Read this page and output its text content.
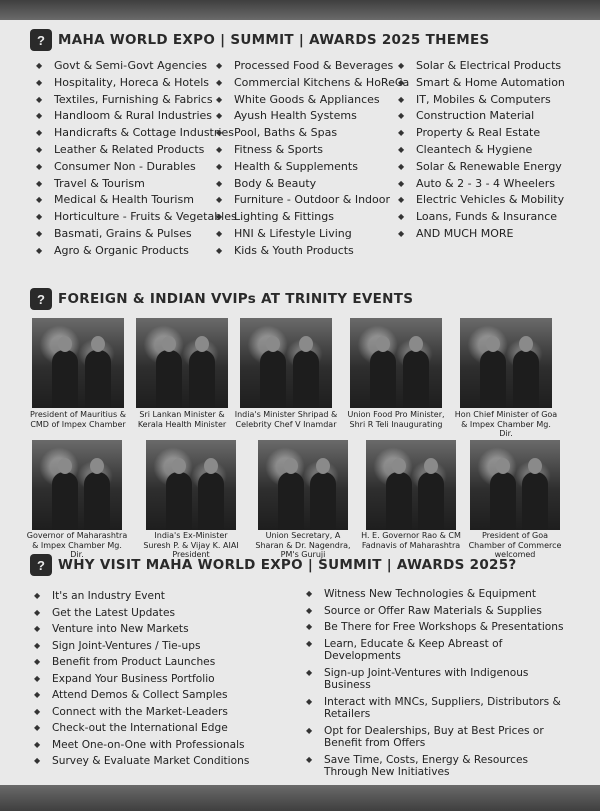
? MAHA WORLD EXPO | SUMMIT | AWARDS 2025 THEMES
◆ Govt & Semi-Govt Agencies
◆ Hospitality, Horeca & Hotels
◆ Textiles, Furnishing & Fabrics
◆ Handloom & Rural Industries
◆ Handicrafts & Cottage Industries
◆ Leather & Related Products
◆ Consumer Non - Durables
◆ Travel & Tourism
◆ Medical & Health Tourism
◆ Horticulture - Fruits & Vegetables
◆ Basmati, Grains & Pulses
◆ Agro & Organic Products
◆ Processed Food & Beverages
◆ Commercial Kitchens & HoReCa
◆ White Goods & Appliances
◆ Ayush Health Systems
◆ Pool, Baths & Spas
◆ Fitness & Sports
◆ Health & Supplements
◆ Body & Beauty
◆ Furniture - Outdoor & Indoor
◆ Lighting & Fittings
◆ HNI & Lifestyle Living
◆ Kids & Youth Products
◆ Solar & Electrical Products
◆ Smart & Home Automation
◆ IT, Mobiles & Computers
◆ Construction Material
◆ Property & Real Estate
◆ Cleantech & Hygiene
◆ Solar & Renewable Energy
◆ Auto & 2 - 3 - 4 Wheelers
◆ Electric Vehicles & Mobility
◆ Loans, Funds & Insurance
◆ AND MUCH MORE
? FOREIGN & INDIAN VVIPs AT TRINITY EVENTS
President of Mauritius & CMD of Impex Chamber
Sri Lankan Minister & Kerala Health Minister
India's Minister Shripad & Celebrity Chef V Inamdar
Union Food Pro Minister, Shri R Teli Inaugurating
Hon Chief Minister of Goa & Impex Chamber Mg. Dir.
Governor of Maharashtra & Impex Chamber Mg. Dir.
India's Ex-Minister Suresh P. & Vijay K. AIAI President
Union Secretary, A Sharan & Dr. Nagendra, PM's Guruji
H. E. Governor Rao & CM Fadnavis of Maharashtra
President of Goa Chamber of Commerce welcomed
? WHY VISIT MAHA WORLD EXPO | SUMMIT | AWARDS 2025?
◆ It's an Industry Event
◆ Get the Latest Updates
◆ Venture into New Markets
◆ Sign Joint-Ventures / Tie-ups
◆ Benefit from Product Launches
◆ Expand Your Business Portfolio
◆ Attend Demos & Collect Samples
◆ Connect with the Market-Leaders
◆ Check-out the International Edge
◆ Meet One-on-One with Professionals
◆ Survey & Evaluate Market Conditions
◆ Witness New Technologies & Equipment
◆ Source or Offer Raw Materials & Supplies
◆ Be There for Free Workshops & Presentations
◆ Learn, Educate & Keep Abreast of Developments
◆ Sign-up Joint-Ventures with Indigenous Business
◆ Interact with MNCs, Suppliers, Distributors & Retailers
◆ Opt for Dealerships, Buy at Best Prices or Benefit from Offers
◆ Save Time, Costs, Energy & Resources Through New Initiatives
